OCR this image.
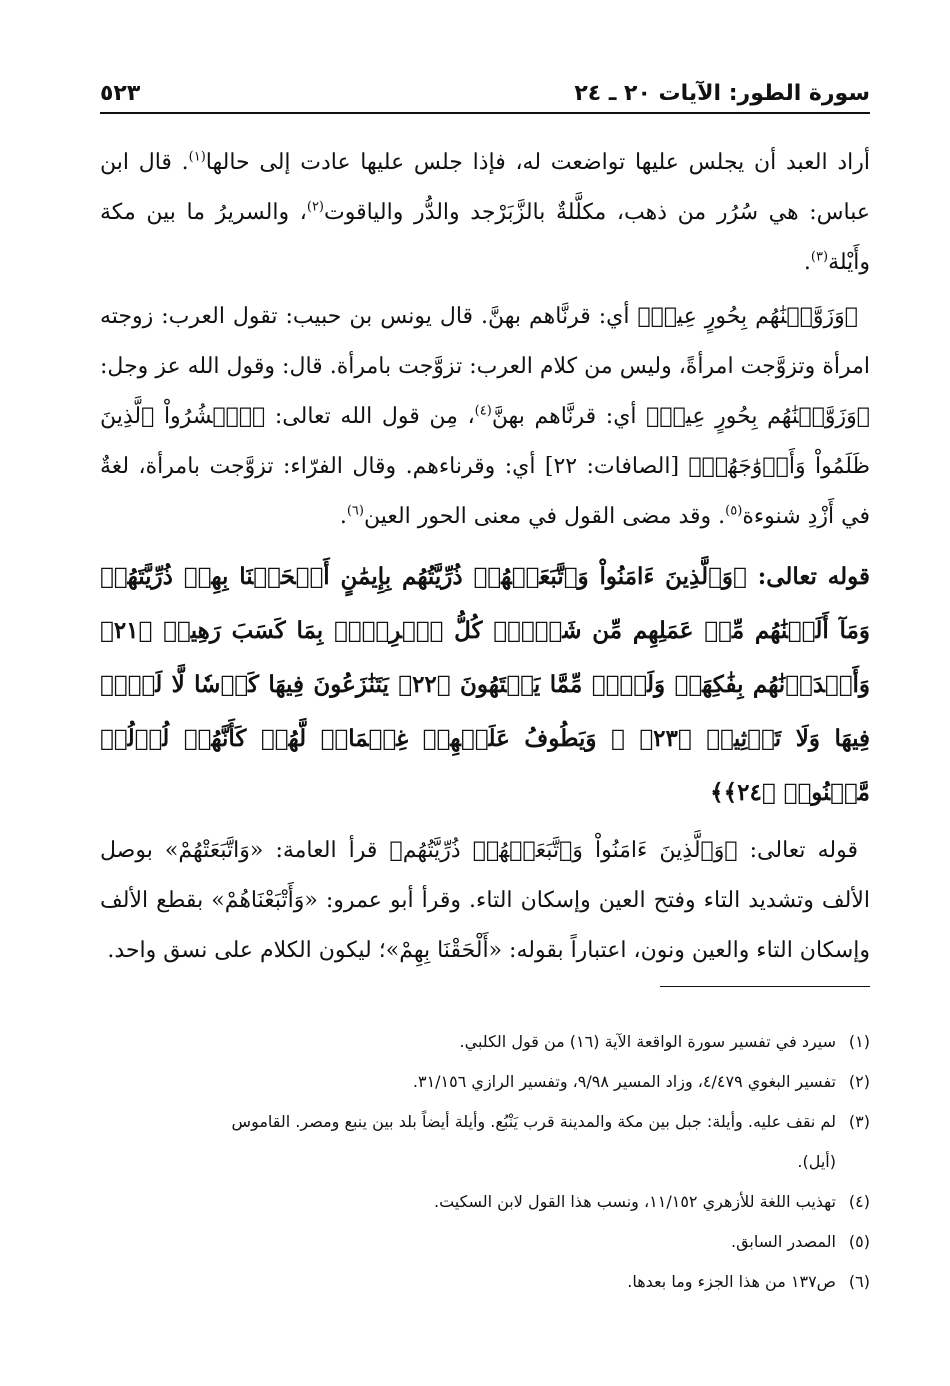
سورة الطور: الآيات ٢٠ ـ ٢٤
٥٢٣

أراد العبد أن يجلس عليها تواضعت له، فإذا جلس عليها عادت إلى حالها$^{(١)}$. قال ابن عباس: هي سُرُر من ذهب، مكلَّلةٌ بالزَّبَرْجد والدُّر والياقوت$^{(٢)}$، والسريرُ ما بين مكة وأَيْلة$^{(٣)}$.

﴿وَزَوَّجۡنَٰهُم بِحُورٍ عِينٖ﴾ أي: قرنَّاهم بهنَّ. قال يونس بن حبيب: تقول العرب: زوجته امرأة وتزوَّجت امرأةً، وليس من كلام العرب: تزوَّجت بامرأة. قال: وقول الله عز وجل: ﴿وَزَوَّجۡنَٰهُم بِحُورٍ عِينٖ﴾ أي: قرنَّاهم بهنَّ$^{(٤)}$، مِن قول الله تعالى: ﴿ٱحۡشُرُواْ ٱلَّذِينَ ظَلَمُواْ وَأَزۡوَٰجَهُمۡ﴾ [الصافات: ٢٢] أي: وقرناءهم. وقال الفرّاء: تزوَّجت بامرأة، لغةٌ في أَزْدِ شنوءة$^{(٥)}$. وقد مضى القول في معنى الحور العين$^{(٦)}$.

قوله تعالى: ﴿وَٱلَّذِينَ ءَامَنُواْ وَٱتَّبَعَتۡهُمۡ ذُرِّيَّتُهُم بِإِيمَٰنٍ أَلۡحَقۡنَا بِهِمۡ ذُرِّيَّتَهُمۡ وَمَآ أَلَتۡنَٰهُم مِّنۡ عَمَلِهِم مِّن شَيۡءٖۚ كُلُّ ٱمۡرِيِٕۭ بِمَا كَسَبَ رَهِينٞ ﴿٢١﴾ وَأَمۡدَدۡنَٰهُم بِفَٰكِهَةٖ وَلَحۡمٖ مِّمَّا يَشۡتَهُونَ ﴿٢٢﴾ يَتَنَٰزَعُونَ فِيهَا كَأۡسٗا لَّا لَغۡوٞ فِيهَا وَلَا تَأۡثِيمٞ ﴿٢٣﴾ ۞ وَيَطُوفُ عَلَيۡهِمۡ غِلۡمَانٞ لَّهُمۡ كَأَنَّهُمۡ لُؤۡلُؤٞ مَّكۡنُونٞ ﴿٢٤﴾﴾

قوله تعالى: ﴿وَٱلَّذِينَ ءَامَنُواْ وَٱتَّبَعَتۡهُمۡ ذُرِّيَّتُهُم﴾ قرأ العامة: «وَاتَّبَعَتْهُمْ» بوصل الألف وتشديد التاء وفتح العين وإسكان التاء. وقرأ أبو عمرو: «وَأَتْبَعْنَاهُمْ» بقطع الألف وإسكان التاء والعين ونون، اعتباراً بقوله: «أَلْحَقْنَا بِهِمْ»؛ ليكون الكلام على نسق واحد.

(١)سيرد في تفسير سورة الواقعة الآية (١٦) من قول الكلبي.

(٢)تفسير البغوي ٤/٤٧٩، وزاد المسير ٩/٩٨، وتفسير الرازي ٣١/١٥٦.

(٣)لم نقف عليه. وأيلة: جبل بين مكة والمدينة قرب يَنْبُع. وأيلة أيضاً بلد بين ينبع ومصر. القاموس

(أيل).

(٤)تهذيب اللغة للأزهري ١١/١٥٢، ونسب هذا القول لابن السكيت.

(٥)المصدر السابق.

(٦)ص١٣٧ من هذا الجزء وما بعدها.
